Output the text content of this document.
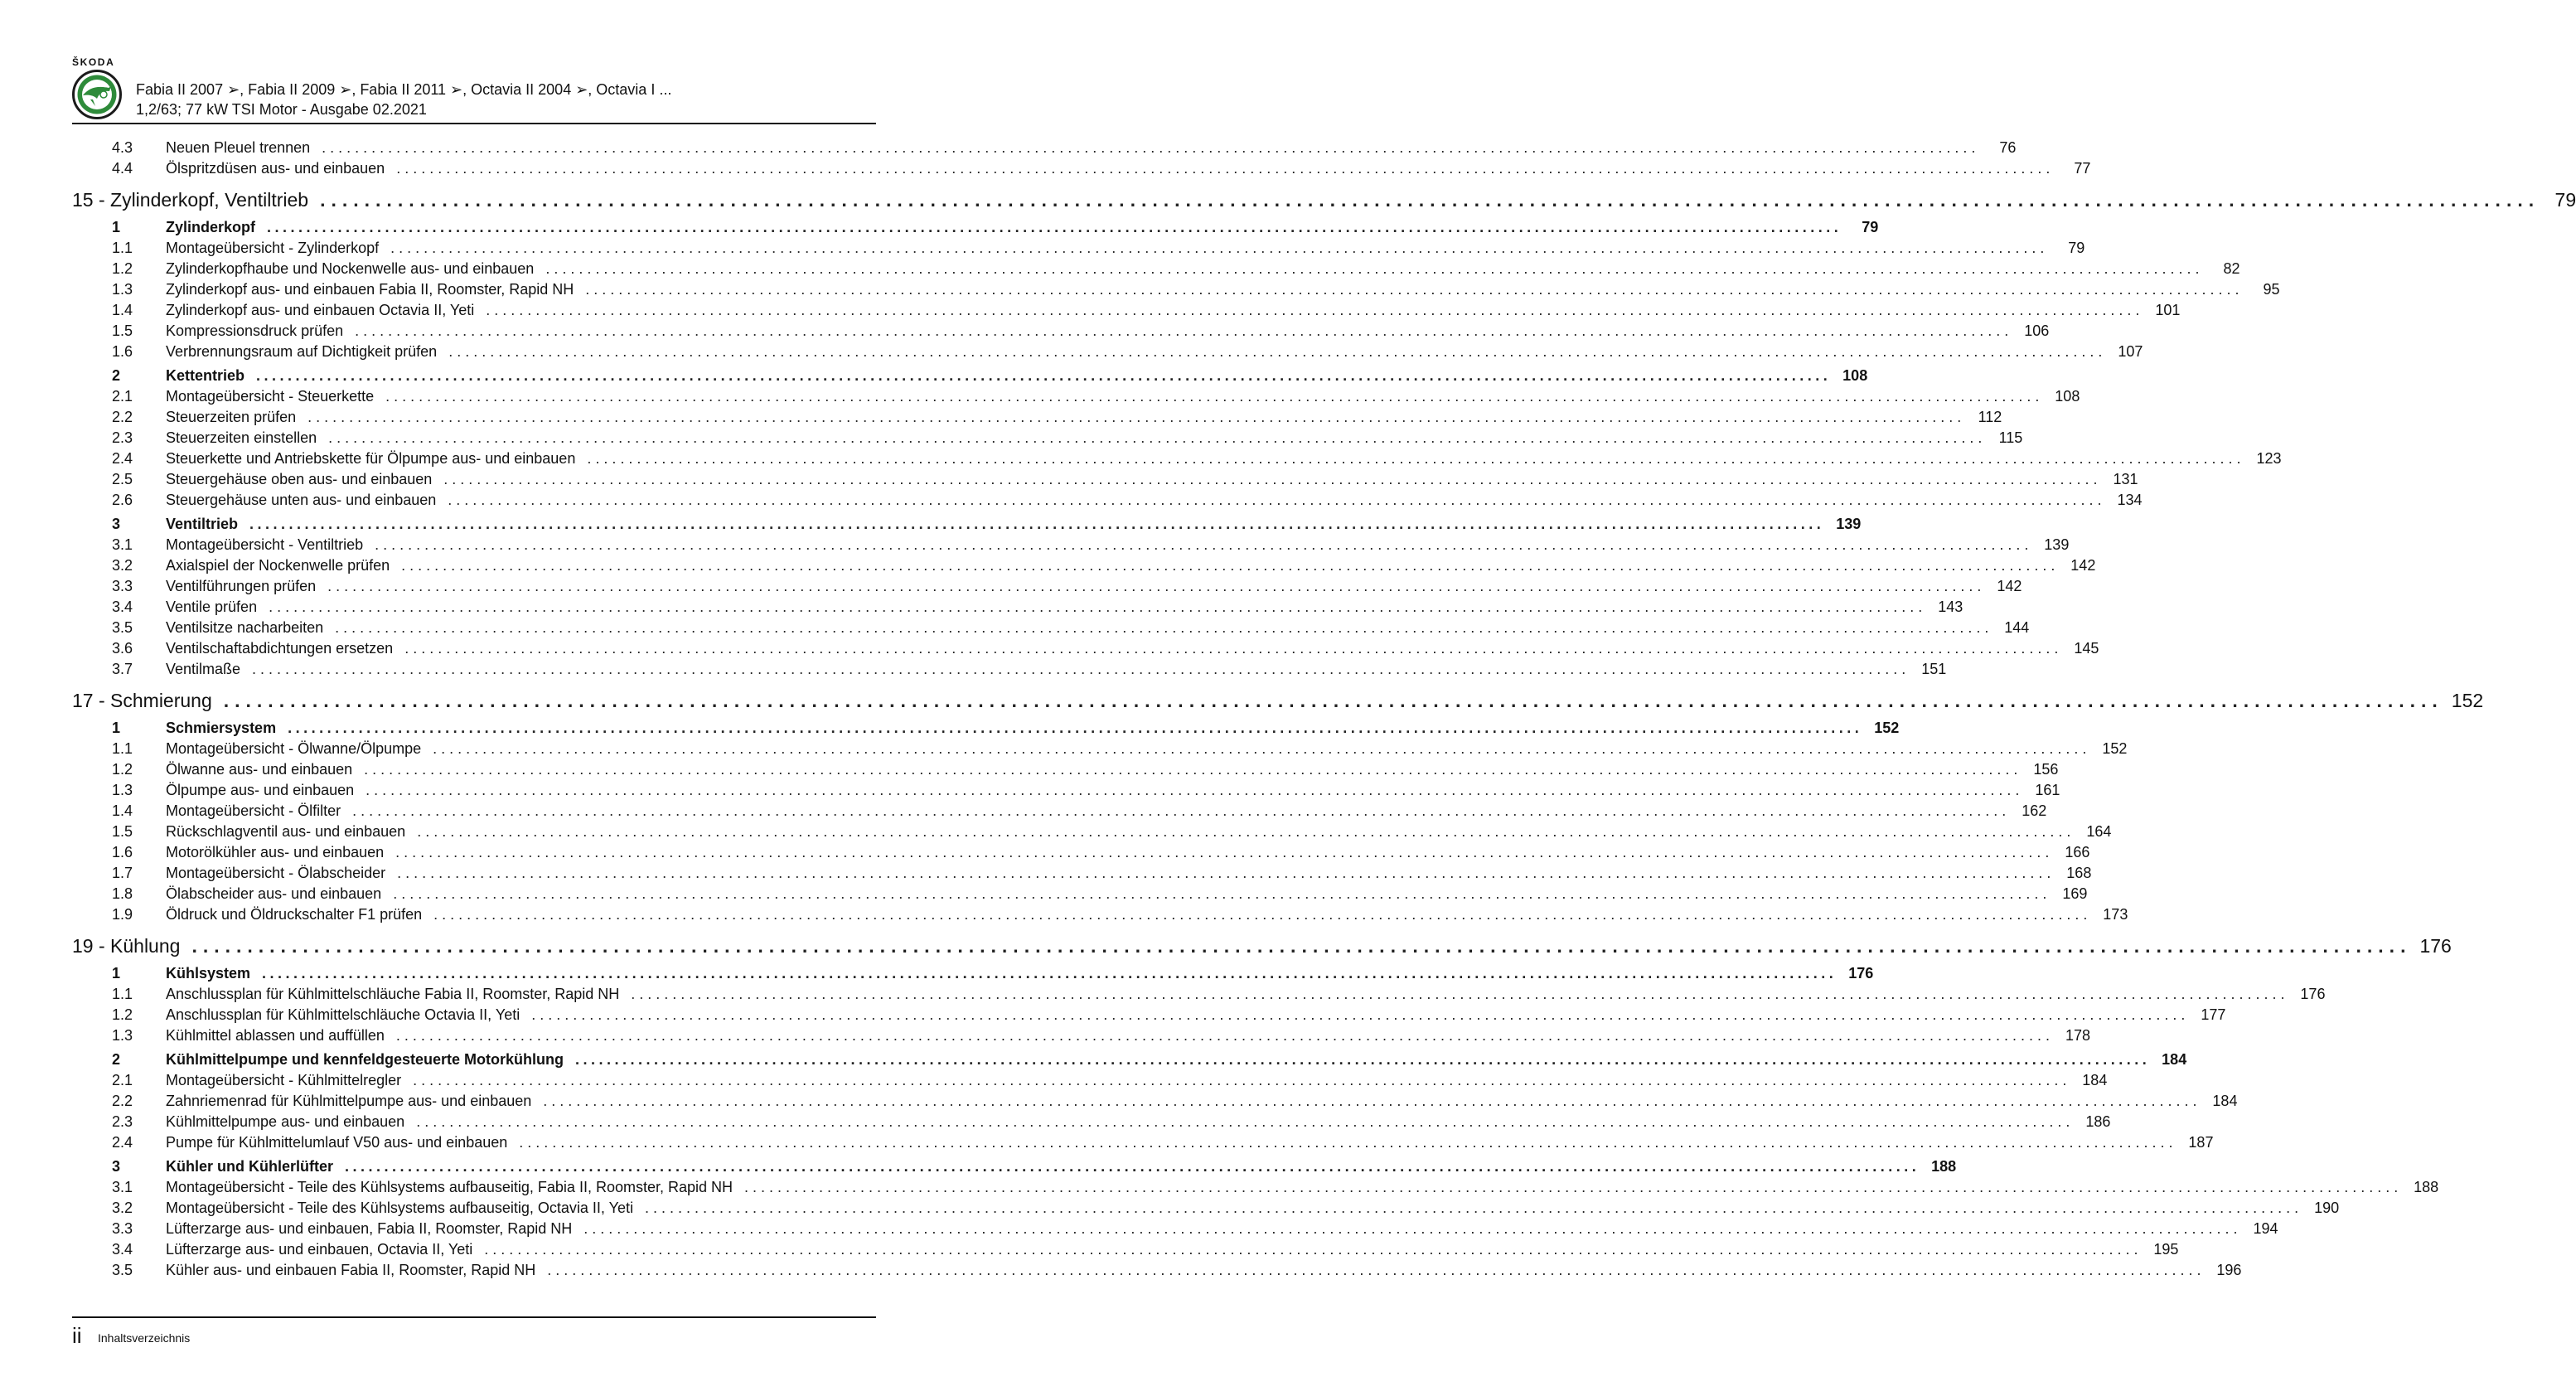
ŠKODA
Fabia II 2007 ➢, Fabia II 2009 ➢, Fabia II 2011 ➢, Octavia II 2004 ➢, Octavia I ...
1,2/63; 77 kW TSI Motor - Ausgabe 02.2021
4.3	Neuen Pleuel trennen ........................................................................................................................................................................................................	76
4.4	Ölspritzdüsen aus- und einbauen ........................................................................................................................................................................................................	77
15 - Zylinderkopf, Ventiltrieb ........................................................................................................................................................................................................ 79
1	Zylinderkopf ........................................................................................................................................................................................................	79
1.1	Montageübersicht - Zylinderkopf ........................................................................................................................................................................................................	79
1.2	Zylinderkopfhaube und Nockenwelle aus- und einbauen ........................................................................................................................................................................................................	82
1.3	Zylinderkopf aus- und einbauen Fabia II, Roomster, Rapid NH ........................................................................................................................................................................................................	95
1.4	Zylinderkopf aus- und einbauen Octavia II, Yeti ........................................................................................................................................................................................................ 101
1.5	Kompressionsdruck prüfen ........................................................................................................................................................................................................ 106
1.6	Verbrennungsraum auf Dichtigkeit prüfen ........................................................................................................................................................................................................ 107
2	Kettentrieb ........................................................................................................................................................................................................ 108
2.1	Montageübersicht - Steuerkette ........................................................................................................................................................................................................ 108
2.2	Steuerzeiten prüfen ........................................................................................................................................................................................................ 112
2.3	Steuerzeiten einstellen ........................................................................................................................................................................................................ 115
2.4	Steuerkette und Antriebskette für Ölpumpe aus- und einbauen ........................................................................................................................................................................................................ 123
2.5	Steuergehäuse oben aus- und einbauen ........................................................................................................................................................................................................ 131
2.6	Steuergehäuse unten aus- und einbauen ........................................................................................................................................................................................................ 134
3	Ventiltrieb ........................................................................................................................................................................................................ 139
3.1	Montageübersicht - Ventiltrieb ........................................................................................................................................................................................................ 139
3.2	Axialspiel der Nockenwelle prüfen ........................................................................................................................................................................................................ 142
3.3	Ventilführungen prüfen ........................................................................................................................................................................................................ 142
3.4	Ventile prüfen ........................................................................................................................................................................................................ 143
3.5	Ventilsitze nacharbeiten ........................................................................................................................................................................................................ 144
3.6	Ventilschaftabdichtungen ersetzen ........................................................................................................................................................................................................ 145
3.7	Ventilmaße ........................................................................................................................................................................................................ 151
17 - Schmierung ........................................................................................................................................................................................................ 152
1	Schmiersystem ........................................................................................................................................................................................................ 152
1.1	Montageübersicht - Ölwanne/Ölpumpe ........................................................................................................................................................................................................ 152
1.2	Ölwanne aus- und einbauen ........................................................................................................................................................................................................ 156
1.3	Ölpumpe aus- und einbauen ........................................................................................................................................................................................................ 161
1.4	Montageübersicht - Ölfilter ........................................................................................................................................................................................................ 162
1.5	Rückschlagventil aus- und einbauen ........................................................................................................................................................................................................ 164
1.6	Motorölkühler aus- und einbauen ........................................................................................................................................................................................................ 166
1.7	Montageübersicht - Ölabscheider ........................................................................................................................................................................................................ 168
1.8	Ölabscheider aus- und einbauen ........................................................................................................................................................................................................ 169
1.9	Öldruck und Öldruckschalter F1 prüfen ........................................................................................................................................................................................................ 173
19 - Kühlung ........................................................................................................................................................................................................ 176
1	Kühlsystem ........................................................................................................................................................................................................ 176
1.1	Anschlussplan für Kühlmittelschläuche Fabia II, Roomster, Rapid NH ........................................................................................................................................................................................................ 176
1.2	Anschlussplan für Kühlmittelschläuche Octavia II, Yeti ........................................................................................................................................................................................................ 177
1.3	Kühlmittel ablassen und auffüllen ........................................................................................................................................................................................................ 178
2	Kühlmittelpumpe und kennfeldgesteuerte Motorkühlung ........................................................................................................................................................................................................ 184
2.1	Montageübersicht - Kühlmittelregler ........................................................................................................................................................................................................ 184
2.2	Zahnriemenrad für Kühlmittelpumpe aus- und einbauen ........................................................................................................................................................................................................ 184
2.3	Kühlmittelpumpe aus- und einbauen ........................................................................................................................................................................................................ 186
2.4	Pumpe für Kühlmittelumlauf V50 aus- und einbauen ........................................................................................................................................................................................................ 187
3	Kühler und Kühlerlüfter ........................................................................................................................................................................................................ 188
3.1	Montageübersicht - Teile des Kühlsystems aufbauseitig, Fabia II, Roomster, Rapid NH ........................................................................................................................................................................................................ 188
3.2	Montageübersicht - Teile des Kühlsystems aufbauseitig, Octavia II, Yeti ........................................................................................................................................................................................................ 190
3.3	Lüfterzarge aus- und einbauen, Fabia II, Roomster, Rapid NH ........................................................................................................................................................................................................ 194
3.4	Lüfterzarge aus- und einbauen, Octavia II, Yeti ........................................................................................................................................................................................................ 195
3.5	Kühler aus- und einbauen Fabia II, Roomster, Rapid NH ........................................................................................................................................................................................................ 196
ii Inhaltsverzeichnis
